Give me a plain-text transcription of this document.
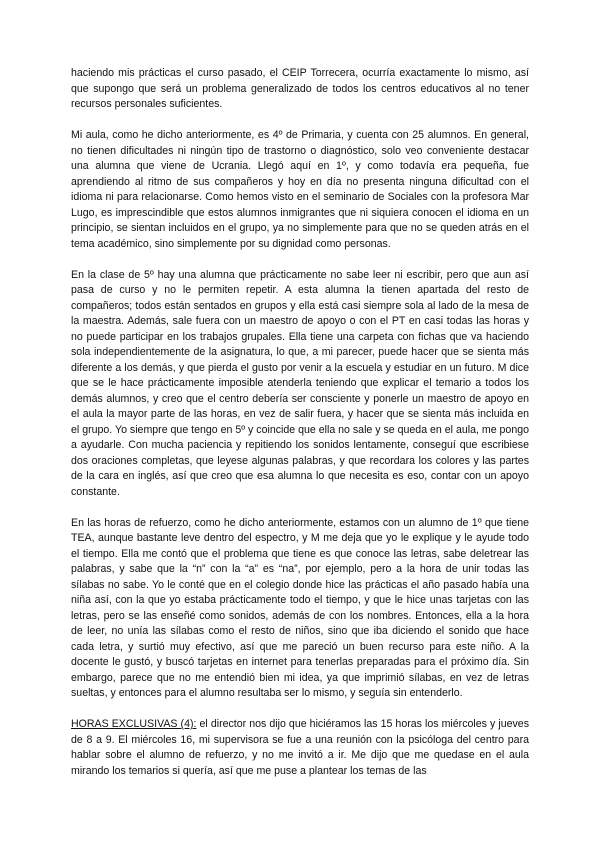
haciendo mis prácticas el curso pasado, el CEIP Torrecera, ocurría exactamente lo mismo, así que supongo que será un problema generalizado de todos los centros educativos al no tener recursos personales suficientes.

Mi aula, como he dicho anteriormente, es 4º de Primaria, y cuenta con 25 alumnos. En general, no tienen dificultades ni ningún tipo de trastorno o diagnóstico, solo veo conveniente destacar una alumna que viene de Ucrania. Llegó aquí en 1º, y como todavía era pequeña, fue aprendiendo al ritmo de sus compañeros y hoy en día no presenta ninguna dificultad con el idioma ni para relacionarse. Como hemos visto en el seminario de Sociales con la profesora Mar Lugo, es imprescindible que estos alumnos inmigrantes que ni siquiera conocen el idioma en un principio, se sientan incluidos en el grupo, ya no simplemente para que no se queden atrás en el tema académico, sino simplemente por su dignidad como personas.

En la clase de 5º hay una alumna que prácticamente no sabe leer ni escribir, pero que aun así pasa de curso y no le permiten repetir. A esta alumna la tienen apartada del resto de compañeros; todos están sentados en grupos y ella está casi siempre sola al lado de la mesa de la maestra. Además, sale fuera con un maestro de apoyo o con el PT en casi todas las horas y no puede participar en los trabajos grupales. Ella tiene una carpeta con fichas que va haciendo sola independientemente de la asignatura, lo que, a mi parecer, puede hacer que se sienta más diferente a los demás, y que pierda el gusto por venir a la escuela y estudiar en un futuro. M dice que se le hace prácticamente imposible atenderla teniendo que explicar el temario a todos los demás alumnos, y creo que el centro debería ser consciente y ponerle un maestro de apoyo en el aula la mayor parte de las horas, en vez de salir fuera, y hacer que se sienta más incluida en el grupo. Yo siempre que tengo en 5º y coincide que ella no sale y se queda en el aula, me pongo a ayudarle. Con mucha paciencia y repitiendo los sonidos lentamente, conseguí que escribiese dos oraciones completas, que leyese algunas palabras, y que recordara los colores y las partes de la cara en inglés, así que creo que esa alumna lo que necesita es eso, contar con un apoyo constante.

En las horas de refuerzo, como he dicho anteriormente, estamos con un alumno de 1º que tiene TEA, aunque bastante leve dentro del espectro, y M me deja que yo le explique y le ayude todo el tiempo. Ella me contó que el problema que tiene es que conoce las letras, sabe deletrear las palabras, y sabe que la “n” con la “a” es “na”, por ejemplo, pero a la hora de unir todas las sílabas no sabe. Yo le conté que en el colegio donde hice las prácticas el año pasado había una niña así, con la que yo estaba prácticamente todo el tiempo, y que le hice unas tarjetas con las letras, pero se las enseñé como sonidos, además de con los nombres. Entonces, ella a la hora de leer, no unía las sílabas como el resto de niños, sino que iba diciendo el sonido que hace cada letra, y surtió muy efectivo, así que me pareció un buen recurso para este niño. A la docente le gustó, y buscó tarjetas en internet para tenerlas preparadas para el próximo día. Sin embargo, parece que no me entendió bien mi idea, ya que imprimió sílabas, en vez de letras sueltas, y entonces para el alumno resultaba ser lo mismo, y seguía sin entenderlo.

HORAS EXCLUSIVAS (4): el director nos dijo que hiciéramos las 15 horas los miércoles y jueves de 8 a 9. El miércoles 16, mi supervisora se fue a una reunión con la psicóloga del centro para hablar sobre el alumno de refuerzo, y no me invitó a ir. Me dijo que me quedase en el aula mirando los temarios si quería, así que me puse a plantear los temas de las
